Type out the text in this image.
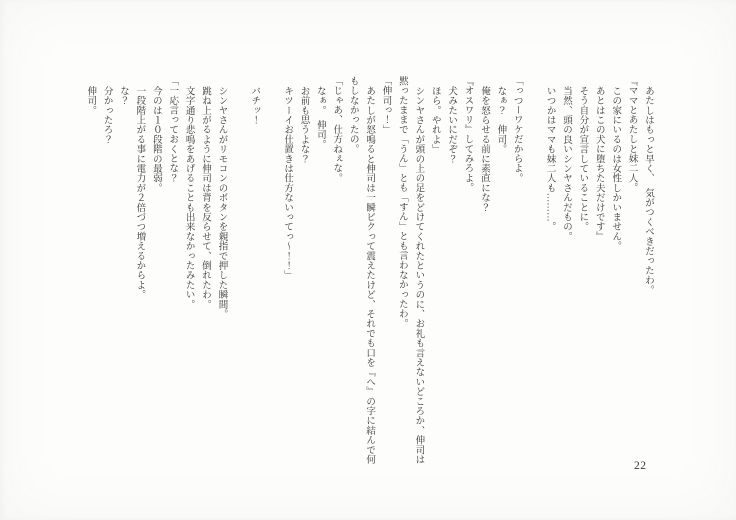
あたしはもっと早く、　気がつくべきだったわ。

『ママとあたしと妹二人。

この家にいるのは女性しかいません。

あとはこの犬に堕ちた夫だけです』

そう自分が宣言していることに。

当然、頭の良いシンヤさんだもの。

いつかはママも妹二人も………。

「っつーワケだからよ。

なぁ？　伸司。

俺を怒らせる前に素直にな？

『オスワリ』してみろよ。

犬みたいにだぞ？

ほら。やれよ」

シンヤさんが頭の上の足をどけてくれたというのに、お礼も言えないどころか、伸司は

黙ったままで「うん」とも「すん」とも言わなかったわ。

「伸司っ！」

あたしが怒鳴ると伸司は一瞬ビクって震えたけど、それでも口を『へ』の字に結んで何

もしなかったの。

「じゃあ、仕方ねぇな。

なぁ。　伸司。

お前も思うよな？

キツーイお仕置きは仕方ないってっ〜！！」

バチッ！

シンヤさんがリモコンのボタンを親指で押した瞬間。

跳ね上がるように伸司は背を反らせて、倒れたわ。

文字通り悲鳴をあげることも出来なかったみたい。

「一応言っておくとな？

今のは１０段階の最弱。

一段階上がる事に電力が２倍づつ増えるからよ。

な？

分かったろ？

伸司。

22
